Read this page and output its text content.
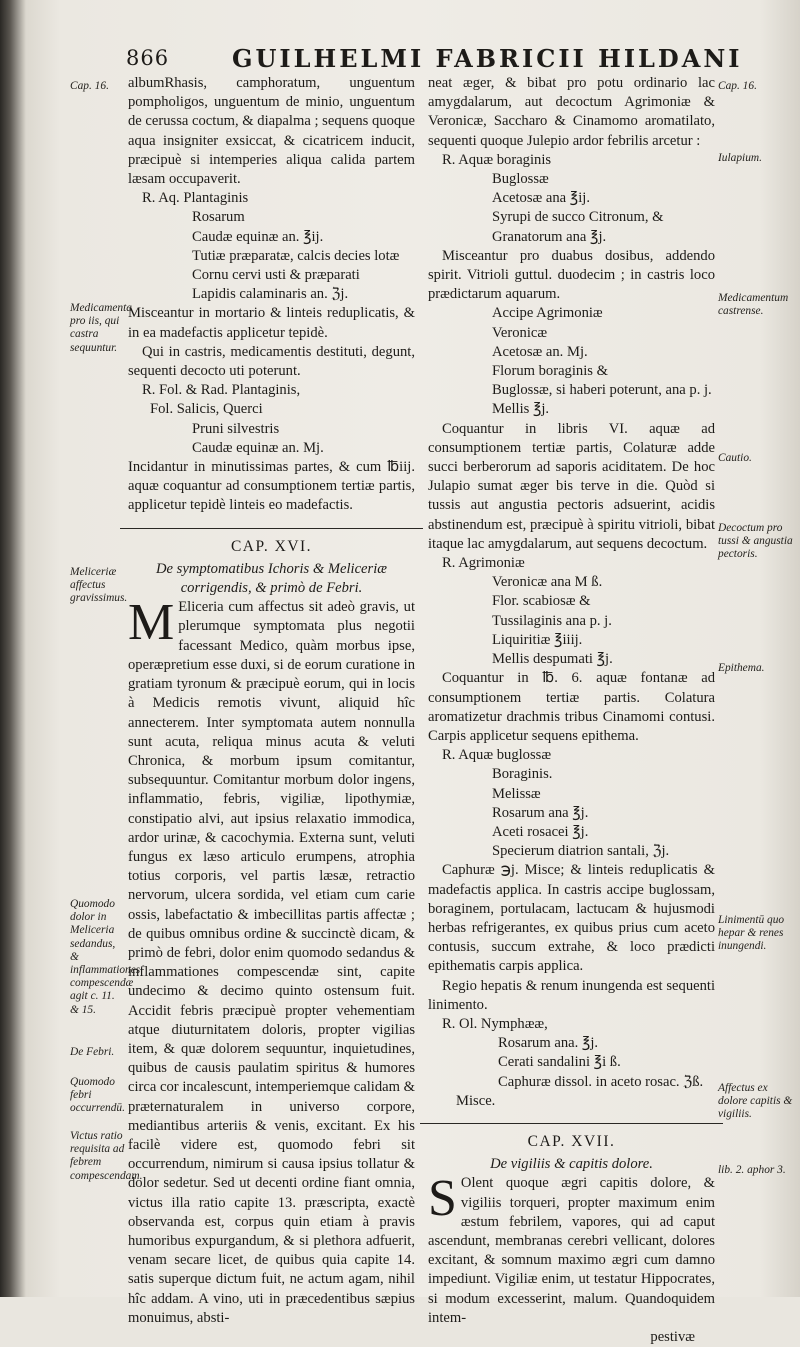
866	GUILHELMI FABRICII HILDANI

albumRhasis, camphoratum, unguentum pompholigos, unguentum de minio, unguentum de cerussa coctum, & diapalma ; sequens quoque aqua insigniter exsiccat, & cicatricem inducit, præcipuè si intemperies aliqua calida partem læsam occupaverit.

R. Aq. Plantaginis
Rosarum
Caudæ equinæ an. ℥ij.
Tutiæ præparatæ, calcis decies lotæ
Cornu cervi usti & præparati
Lapidis calaminaris an. ℨj.

Misceantur in mortario & linteis reduplicatis, & in ea madefactis applicetur tepidè.

Qui in castris, medicamentis destituti, degunt, sequenti decocto uti poterunt.

R. Fol. & Rad. Plantaginis,
Fol. Salicis, Querci
Pruni silvestris
Caudæ equinæ an. Mj.

Incidantur in minutissimas partes, & cum ℔iij. aquæ coquantur ad consumptionem tertiæ partis, applicetur tepidè linteis eo madefactis.

CAP. XVI.

De symptomatibus Ichoris & Meliceriæ corrigendis, & primò de Febri.

M Eliceria cum affectus sit adeò gravis, ut plerumque symptomata plus negotii facessant Medico, quàm morbus ipse, operæpretium esse duxi, si de eorum curatione in gratiam tyronum & præcipuè eorum, qui in locis à Medicis remotis vivunt, aliquid hîc annecterem. Inter symptomata autem nonnulla sunt acuta, reliqua minus acuta & veluti Chronica, & morbum ipsum comitantur, subsequuntur. Comitantur morbum dolor ingens, inflammatio, febris, vigiliæ, lipothymiæ, constipatio alvi, aut ipsius relaxatio immodica, ardor urinæ, & cacochymia. Externa sunt, veluti fungus ex læso articulo erumpens, atrophia totius corporis, vel partis læsæ, retractio nervorum, ulcera sordida, vel etiam cum carie ossis, labefactatio & imbecillitas partis affectæ ; de quibus omnibus ordine & succinctè dicam, & primò de febri, dolor enim quomodo sedandus & inflammationes compescendæ sint, capite undecimo & decimo quinto ostensum fuit. Accidit febris præcipuè propter vehementiam atque diuturnitatem doloris, propter vigilias item, & quæ dolorem sequuntur, inquietudines, quibus de causis paulatim spiritus & humores circa cor incalescunt, intemperiemque calidam & præternaturalem in universo corpore, mediantibus arteriis & venis, excitant. Ex his facilè videre est, quomodo febri sit occurrendum, nimirum si causa ipsius tollatur & dolor sedetur. Sed ut decenti ordine fiant omnia, victus illa ratio capite 13. præscripta, exactè observanda est, corpus quin etiam à pravis humoribus expurgandum, & si plethora adfuerit, venam secare licet, de quibus quia capite 14. satis superque dictum fuit, ne actum agam, nihil hîc addam. A vino, uti in præcedentibus sæpius monuimus, absti-

neat æger, & bibat pro potu ordinario lac amygdalarum, aut decoctum Agrimoniæ & Veronicæ, Saccharo & Cinamomo aromatilato, sequenti quoque Julepio ardor febrilis arcetur :

R. Aquæ boraginis
Buglossæ
Acetosæ ana ℥ij.
Syrupi de succo Citronum, &
Granatorum ana ℥j.

Misceantur pro duabus dosibus, addendo spirit. Vitrioli guttul. duodecim ; in castris loco prædictarum aquarum.

Accipe Agrimoniæ
Veronicæ
Acetosæ an. Mj.
Florum boraginis &
Buglossæ, si haberi poterunt, ana p. j.
Mellis ℥j.

Coquantur in libris VI. aquæ ad consumptionem tertiæ partis, Colaturæ adde succi berberorum ad saporis aciditatem. De hoc Julapio sumat æger bis terve in die. Quòd si tussis aut angustia pectoris adsuerint, acidis abstinendum est, præcipuè à spiritu vitrioli, bibat itaque lac amygdalarum, aut sequens decoctum.

R. Agrimoniæ
Veronicæ ana M ß.
Flor. scabiosæ &
Tussilaginis ana p. j.
Liquiritiæ ℥iiij.
Mellis despumati ℥j.

Coquantur in ℔. 6. aquæ fontanæ ad consumptionem tertiæ partis. Colatura aromatizetur drachmis tribus Cinamomi contusi. Carpis applicetur sequens epithema.

R. Aquæ buglossæ
Boraginis.
Melissæ
Rosarum ana ℥j.
Aceti rosacei ℥j.
Specierum diatrion santali, ℨj.

Caphuræ ℈j. Misce; & linteis reduplicatis & madefactis applica. In castris accipe buglossam, boraginem, portulacam, lactucam & hujusmodi herbas refrigerantes, ex quibus prius cum aceto contusis, succum extrahe, & loco prædicti epithematis carpis applica.

Regio hepatis & renum inungenda est sequenti linimento.

R. Ol. Nymphææ,
Rosarum ana. ℥j.
Cerati sandalini ℥i ß.
Caphuræ dissol. in aceto rosac. ℨß.
Misce.
CAP. XVII.

De vigiliis & capitis dolore.

S Olent quoque ægri capitis dolore, & vigiliis torqueri, propter maximum enim æstum febrilem, vapores, qui ad caput ascendunt, membranas cerebri vellicant, dolores excitant, & somnum maximo ægri cum damno impediunt. Vigiliæ enim, ut testatur Hippocrates, si modum excesserint, malum. Quandoquidem intem-

pestivæ
Cap. 16.
Medicamenta pro iis, qui castra sequuntur.
Meliceriæ affectus gravissimus.
Quomodo dolor in Meliceria sedandus, & inflammationes compescendæ agit c. 11. & 15.
De Febri.
Quomodo febri occurrendū.
Victus ratio requisita ad febrem compescendam.
Cap. 16.
Iulapium.
Medicamentum castrense.
Cautio.
Decoctum pro tussi & angustia pectoris.
Epithema.
Linimentū quo hepar & renes inungendi.
Affectus ex dolore capitis & vigiliis.
lib. 2. aphor 3.
